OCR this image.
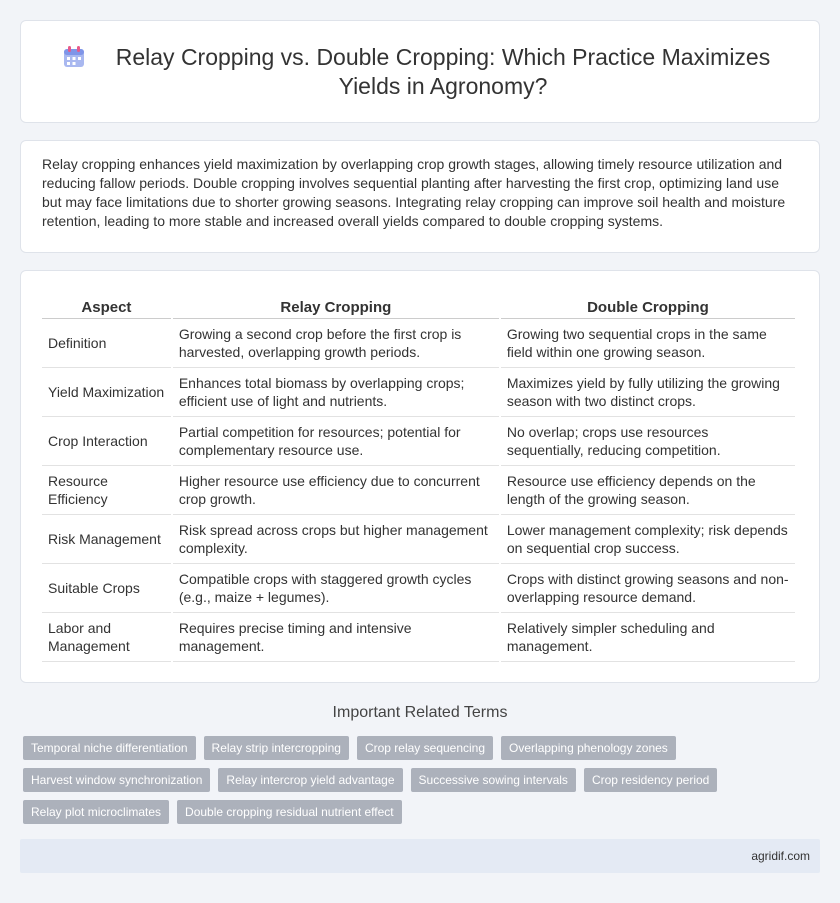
Relay Cropping vs. Double Cropping: Which Practice Maximizes Yields in Agronomy?

Relay cropping enhances yield maximization by overlapping crop growth stages, allowing timely resource utilization and reducing fallow periods. Double cropping involves sequential planting after harvesting the first crop, optimizing land use but may face limitations due to shorter growing seasons. Integrating relay cropping can improve soil health and moisture retention, leading to more stable and increased overall yields compared to double cropping systems.

Aspect	Relay Cropping	Double Cropping
Definition	Growing a second crop before the first crop is harvested, overlapping growth periods.	Growing two sequential crops in the same field within one growing season.
Yield Maximization	Enhances total biomass by overlapping crops; efficient use of light and nutrients.	Maximizes yield by fully utilizing the growing season with two distinct crops.
Crop Interaction	Partial competition for resources; potential for complementary resource use.	No overlap; crops use resources sequentially, reducing competition.
Resource Efficiency	Higher resource use efficiency due to concurrent crop growth.	Resource use efficiency depends on the length of the growing season.
Risk Management	Risk spread across crops but higher management complexity.	Lower management complexity; risk depends on sequential crop success.
Suitable Crops	Compatible crops with staggered growth cycles (e.g., maize + legumes).	Crops with distinct growing seasons and non-overlapping resource demand.
Labor and Management	Requires precise timing and intensive management.	Relatively simpler scheduling and management.
Important Related Terms
Temporal niche differentiation	Relay strip intercropping	Crop relay sequencing	Overlapping phenology zones
Harvest window synchronization	Relay intercrop yield advantage	Successive sowing intervals	Crop residency period
Relay plot microclimates	Double cropping residual nutrient effect
agridif.com
